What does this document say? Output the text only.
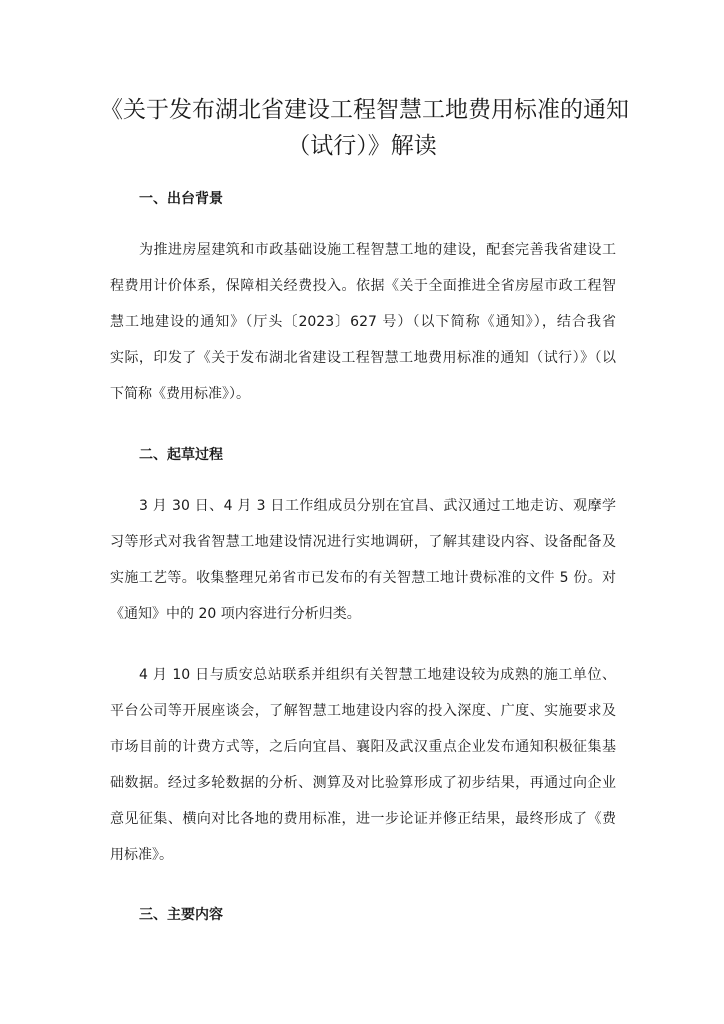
《关于发布湖北省建设工程智慧工地费用标准的通知
（试行）》解读
一、出台背景

为推进房屋建筑和市政基础设施工程智慧工地的建设，配套完善我省建设工
程费用计价体系，保障相关经费投入。依据《关于全面推进全省房屋市政工程智
慧工地建设的通知》（厅头〔2023〕627 号）（以下简称《通知》），结合我省
实际，印发了《关于发布湖北省建设工程智慧工地费用标准的通知（试行）》（以
下简称《费用标准》）。

二、起草过程

3 月 30 日、4 月 3 日工作组成员分别在宜昌、武汉通过工地走访、观摩学
习等形式对我省智慧工地建设情况进行实地调研，了解其建设内容、设备配备及
实施工艺等。收集整理兄弟省市已发布的有关智慧工地计费标准的文件 5 份。对
《通知》中的 20 项内容进行分析归类。

4 月 10 日与质安总站联系并组织有关智慧工地建设较为成熟的施工单位、
平台公司等开展座谈会，了解智慧工地建设内容的投入深度、广度、实施要求及
市场目前的计费方式等，之后向宜昌、襄阳及武汉重点企业发布通知积极征集基
础数据。经过多轮数据的分析、测算及对比验算形成了初步结果，再通过向企业
意见征集、横向对比各地的费用标准，进一步论证并修正结果，最终形成了《费
用标准》。

三、主要内容
